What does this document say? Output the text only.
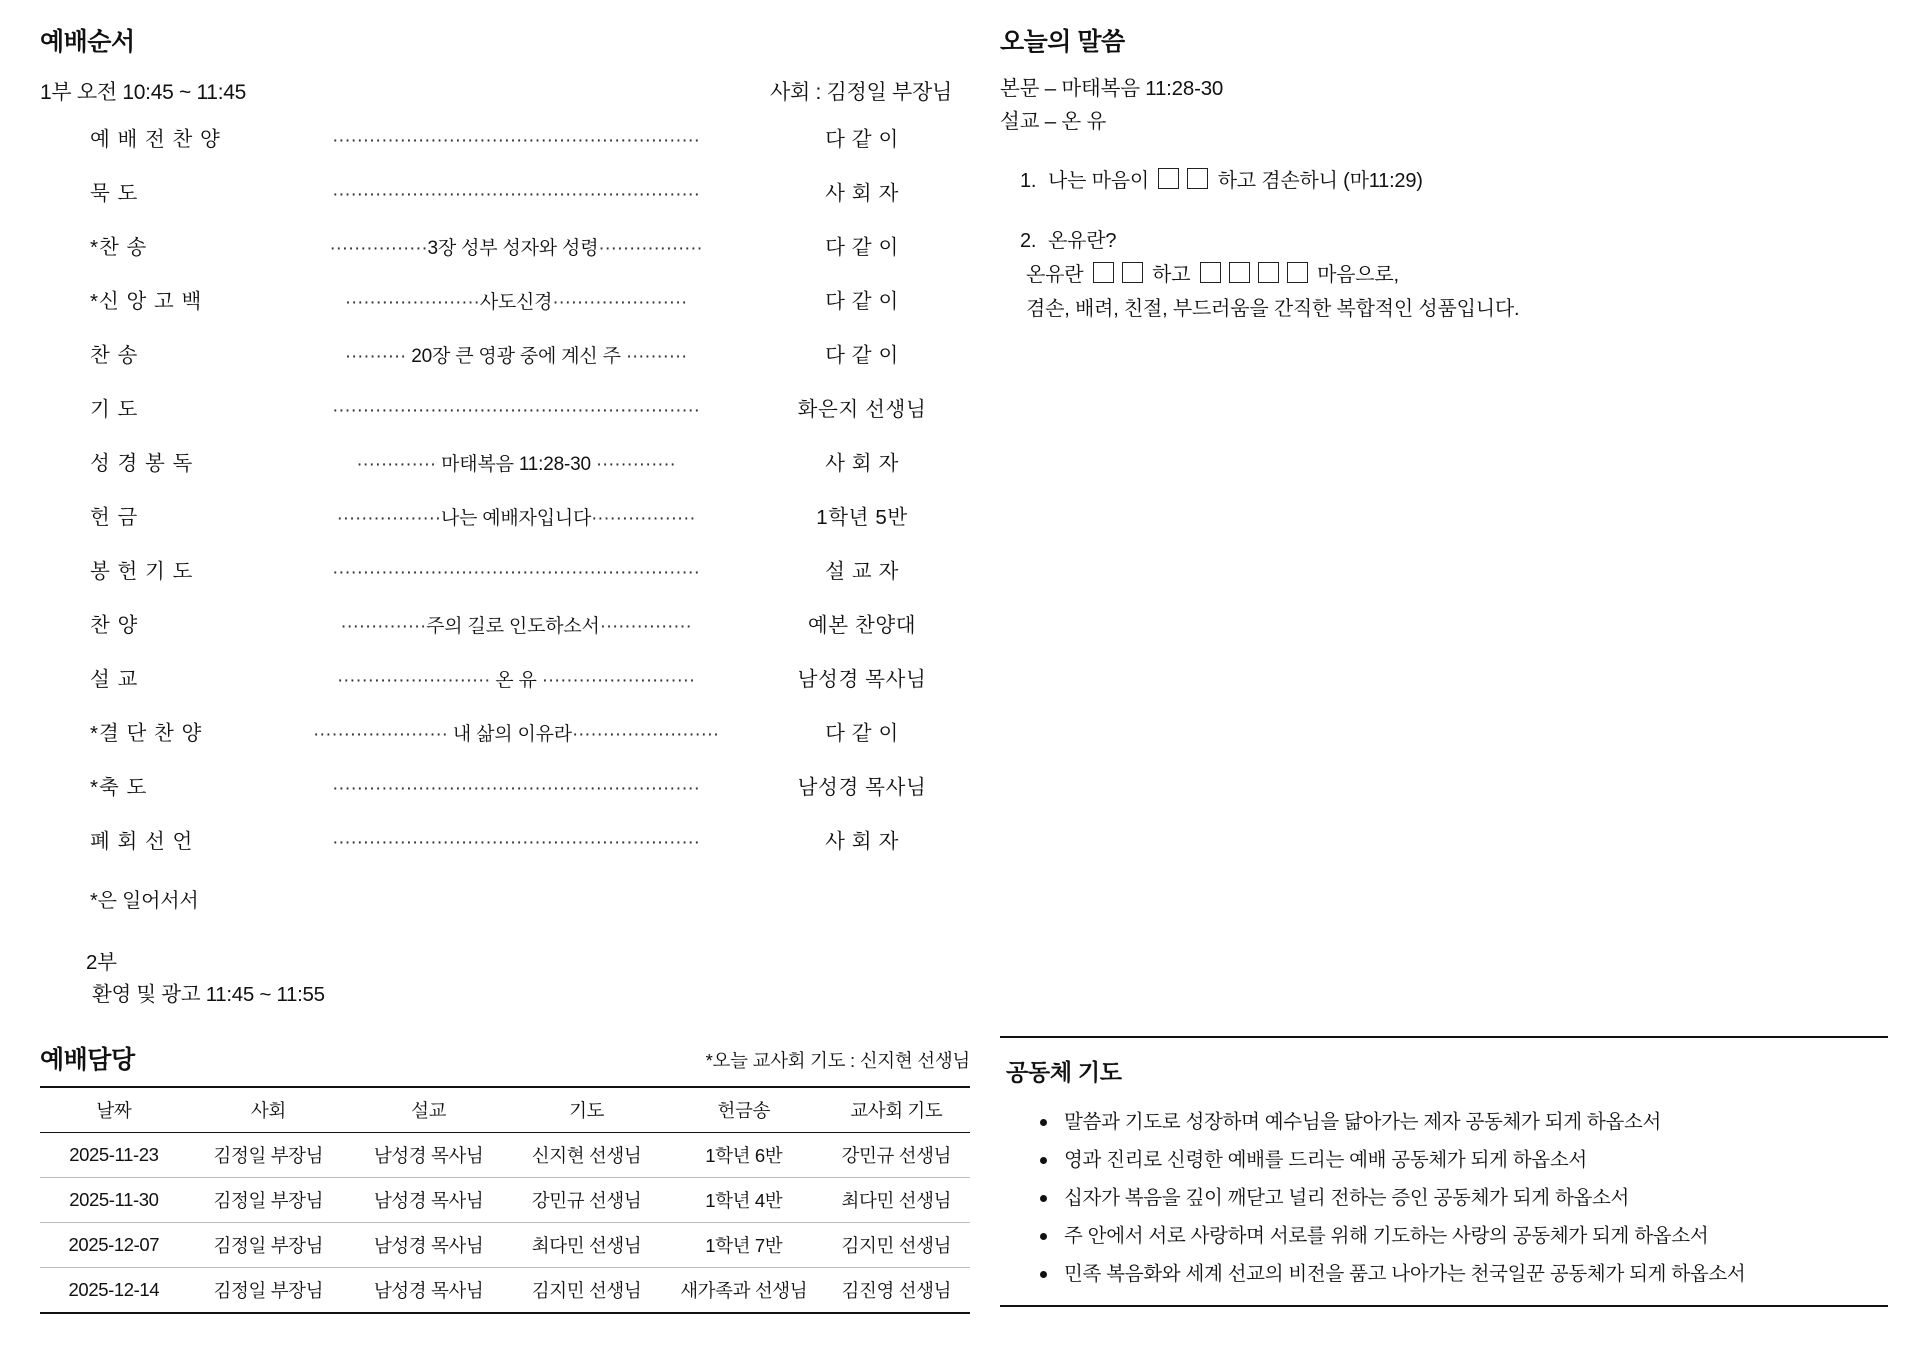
예배순서
1부 오전 10:45 ~ 11:45	사회 : 김정일 부장님
예 배 전 찬 양	····························································	다 같 이
묵 도	····························································	사 회 자
*찬 송	················3장 성부 성자와 성령·················	다 같 이
*신 앙 고 백	······················사도신경······················	다 같 이
찬 송	·········· 20장 큰 영광 중에 계신 주 ··········	다 같 이
기 도	····························································	화은지 선생님
성 경 봉 독	············· 마태복음 11:28-30 ·············	사 회 자
헌 금	·················나는 예배자입니다·················	1학년 5반
봉 헌 기 도	····························································	설 교 자
찬 양	··············주의 길로 인도하소서···············	예본 찬양대
설 교	························· 온 유 ·························	남성경 목사님
*결 단 찬 양	······················ 내 삶의 이유라························	다 같 이
*축 도	····························································	남성경 목사님
폐 회 선 언	····························································	사 회 자
*은 일어서서
2부
환영 및 광고 11:45 ~ 11:55
예배담당	*오늘 교사회 기도 : 신지현 선생님
날짜	사회	설교	기도	헌금송	교사회 기도
2025-11-23	김정일 부장님	남성경 목사님	신지현 선생님	1학년 6반	강민규 선생님
2025-11-30	김정일 부장님	남성경 목사님	강민규 선생님	1학년 4반	최다민 선생님
2025-12-07	김정일 부장님	남성경 목사님	최다민 선생님	1학년 7반	김지민 선생님
2025-12-14	김정일 부장님	남성경 목사님	김지민 선생님	새가족과 선생님	김진영 선생님
오늘의 말씀
본문 – 마태복음 11:28-30
설교 – 온 유
1. 나는 마음이	하고 겸손하니 (마11:29)
2. 온유란?
온유란	하고	마음으로,
겸손, 배려, 친절, 부드러움을 간직한 복합적인 성품입니다.
공동체 기도
말씀과 기도로 성장하며 예수님을 닮아가는 제자 공동체가 되게 하옵소서
영과 진리로 신령한 예배를 드리는 예배 공동체가 되게 하옵소서
십자가 복음을 깊이 깨닫고 널리 전하는 증인 공동체가 되게 하옵소서
주 안에서 서로 사랑하며 서로를 위해 기도하는 사랑의 공동체가 되게 하옵소서
민족 복음화와 세계 선교의 비전을 품고 나아가는 천국일꾼 공동체가 되게 하옵소서
